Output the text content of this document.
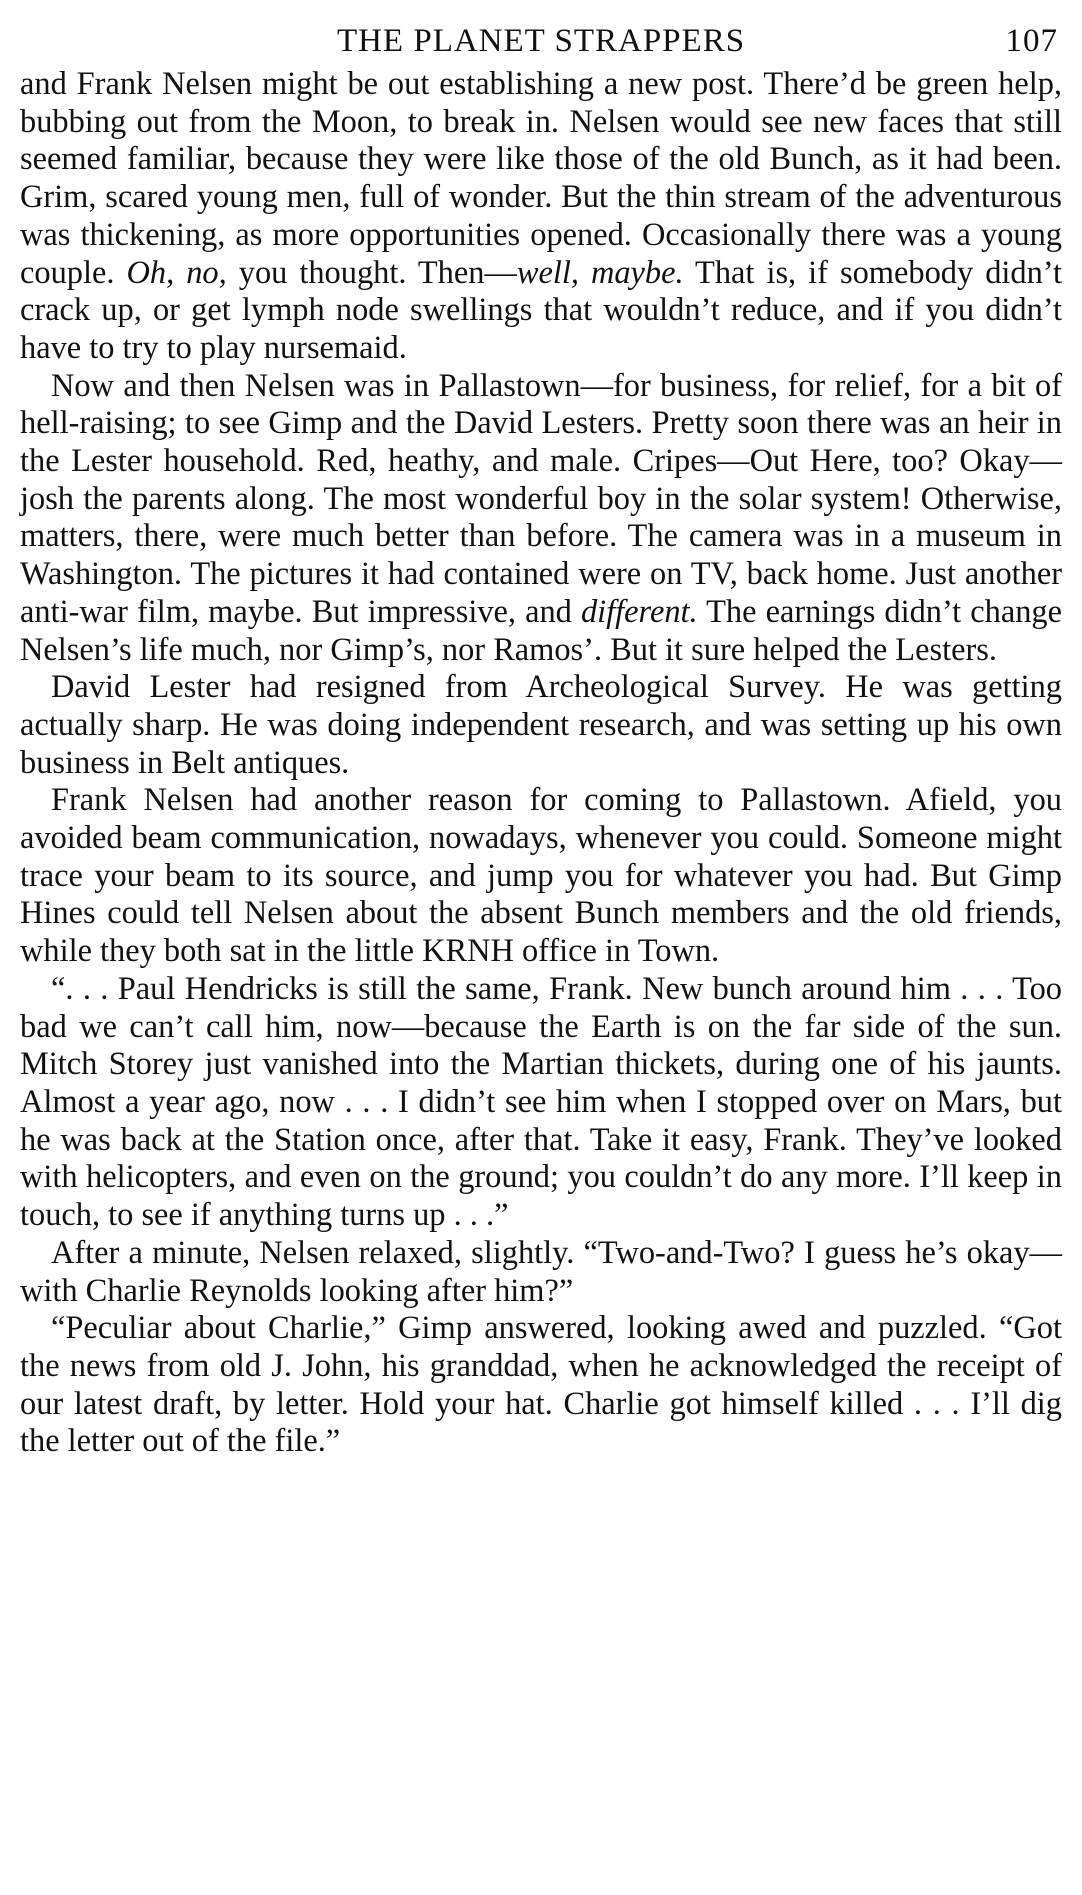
THE PLANET STRAPPERS	107

and Frank Nelsen might be out establishing a new post. There’d be green help, bubbing out from the Moon, to break in. Nelsen would see new faces that still seemed familiar, because they were like those of the old Bunch, as it had been. Grim, scared young men, full of wonder. But the thin stream of the adventurous was thickening, as more opportunities opened. Occasionally there was a young couple. Oh, no, you thought. Then—well, maybe. That is, if somebody didn’t crack up, or get lymph node swellings that wouldn’t reduce, and if you didn’t have to try to play nursemaid.

Now and then Nelsen was in Pallastown—for business, for relief, for a bit of hell-raising; to see Gimp and the David Lesters. Pretty soon there was an heir in the Lester household. Red, heathy, and male. Cripes—Out Here, too? Okay—josh the parents along. The most wonderful boy in the solar system! Otherwise, matters, there, were much better than before. The camera was in a museum in Washington. The pictures it had contained were on TV, back home. Just another anti-war film, maybe. But impressive, and different. The earnings didn’t change Nelsen’s life much, nor Gimp’s, nor Ramos’. But it sure helped the Lesters.

David Lester had resigned from Archeological Survey. He was getting actually sharp. He was doing independent research, and was setting up his own business in Belt antiques.

Frank Nelsen had another reason for coming to Pallastown. Afield, you avoided beam communication, nowadays, whenever you could. Someone might trace your beam to its source, and jump you for whatever you had. But Gimp Hines could tell Nelsen about the absent Bunch members and the old friends, while they both sat in the little KRNH office in Town.

“. . . Paul Hendricks is still the same, Frank. New bunch around him . . . Too bad we can’t call him, now—because the Earth is on the far side of the sun. Mitch Storey just vanished into the Martian thickets, during one of his jaunts. Almost a year ago, now . . . I didn’t see him when I stopped over on Mars, but he was back at the Station once, after that. Take it easy, Frank. They’ve looked with helicopters, and even on the ground; you couldn’t do any more. I’ll keep in touch, to see if anything turns up . . .”

After a minute, Nelsen relaxed, slightly. “Two-and-Two? I guess he’s okay—with Charlie Reynolds looking after him?”

“Peculiar about Charlie,” Gimp answered, looking awed and puzzled. “Got the news from old J. John, his granddad, when he acknowledged the receipt of our latest draft, by letter. Hold your hat. Charlie got himself killed . . . I’ll dig the letter out of the file.”
